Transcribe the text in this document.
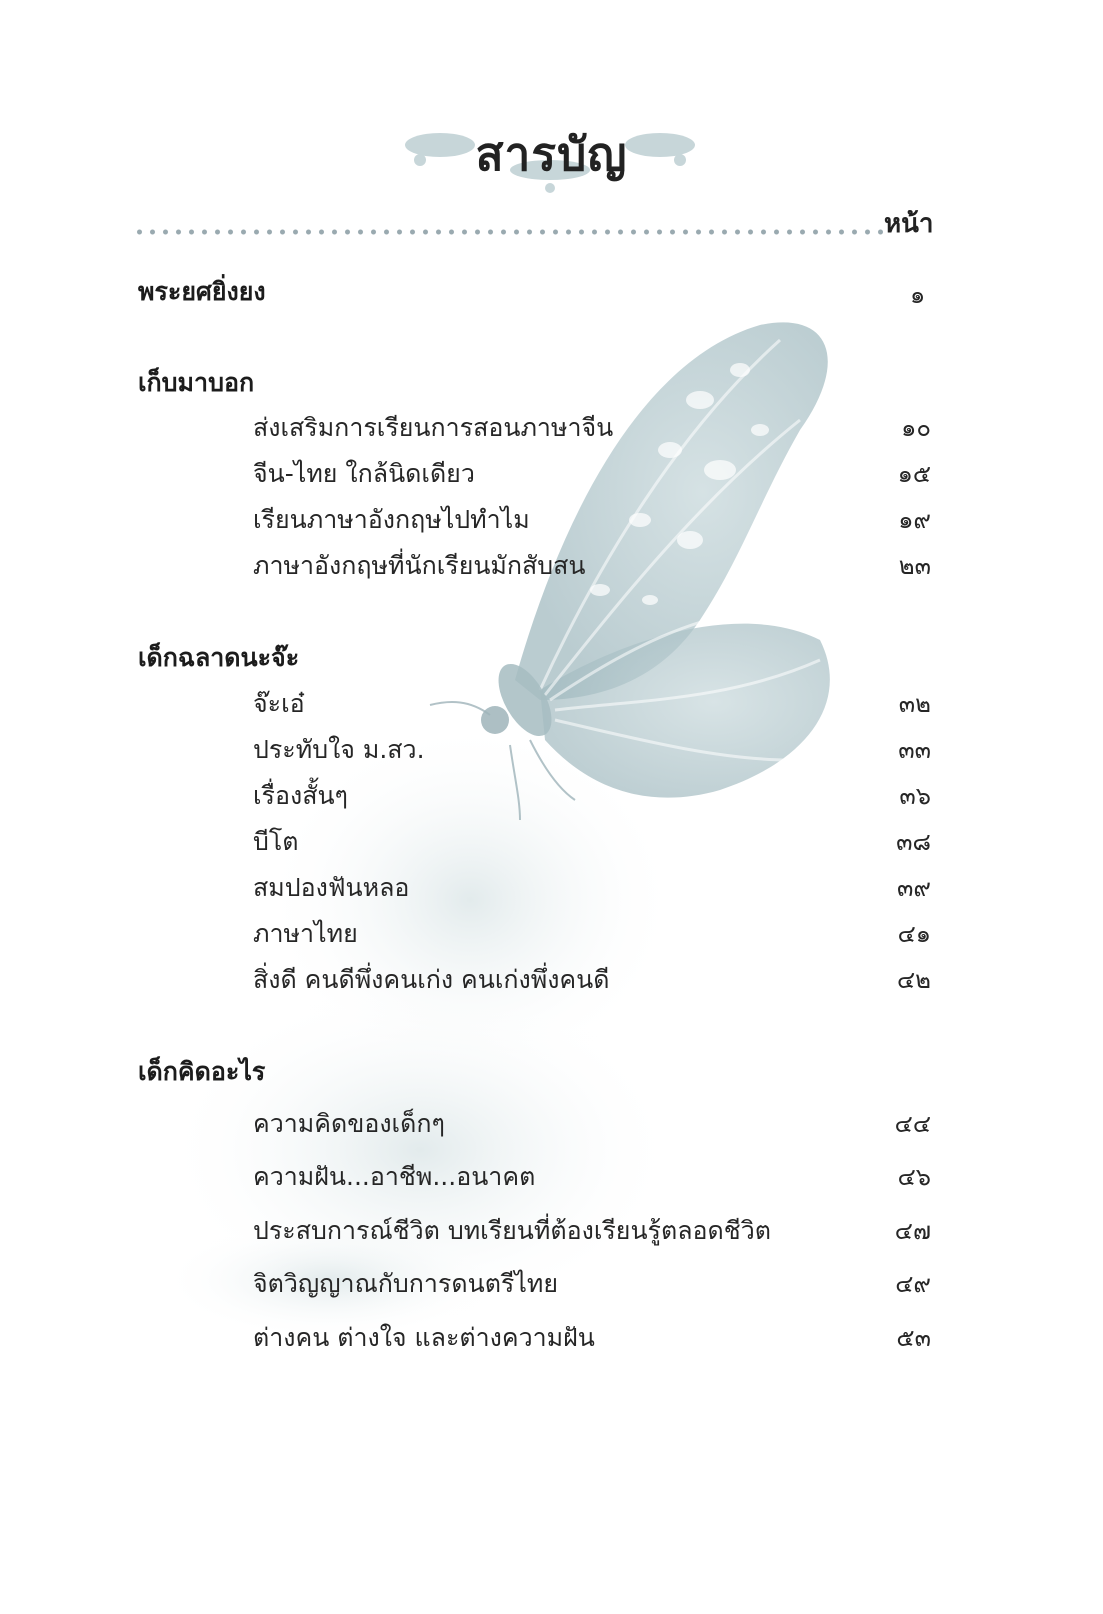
สารบัญ
หน้า
พระยศยิ่งยง	๑
เก็บมาบอก
ส่งเสริมการเรียนการสอนภาษาจีน	๑๐
จีน-ไทย ใกล้นิดเดียว	๑๕
เรียนภาษาอังกฤษไปทำไม	๑๙
ภาษาอังกฤษที่นักเรียนมักสับสน	๒๓
เด็กฉลาดนะจ๊ะ
จ๊ะเอ๋	๓๒
ประทับใจ ม.สว.	๓๓
เรื่องสั้นๆ	๓๖
บีโต	๓๘
สมปองฟันหลอ	๓๙
ภาษาไทย	๔๑
สิ่งดี คนดีพึ่งคนเก่ง คนเก่งพึ่งคนดี	๔๒
เด็กคิดอะไร
ความคิดของเด็กๆ	๔๔
ความฝัน...อาชีพ...อนาคต	๔๖
ประสบการณ์ชีวิต บทเรียนที่ต้องเรียนรู้ตลอดชีวิต	๔๗
จิตวิญญาณกับการดนตรีไทย	๔๙
ต่างคน ต่างใจ และต่างความฝัน	๕๓
